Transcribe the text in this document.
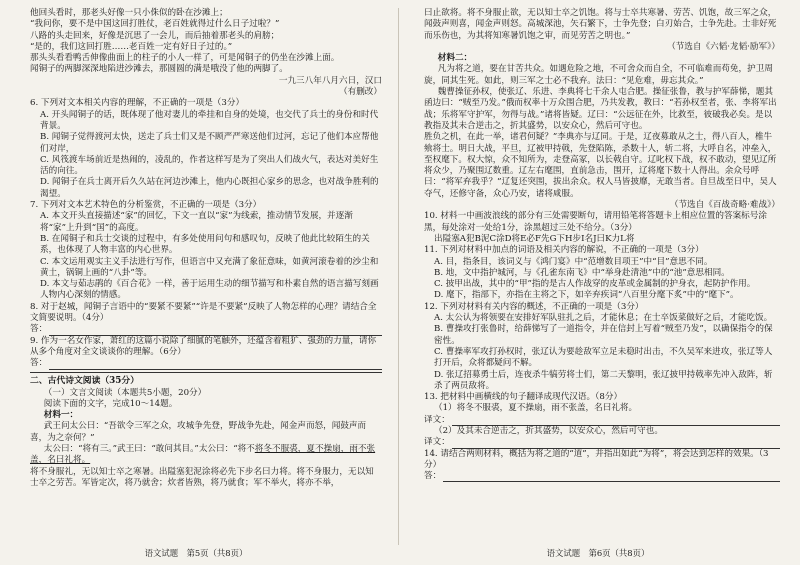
他回头看时，那老头好像一只小侏似的卧在沙滩上；

“我问你，要不是中国这回打胜仗，老百姓就得过什么日子过啦？”

八路的头走回来，好像是沉思了一会儿，而后抽着那老头的肩膀；

“是的，我们这回打胜……老百姓一定有好日子过的。”

那头头看看鸭舌伸像曲面上的柱子的小人一样了，可是闻铜子的仍坐在沙滩上面。

闻铜子的两脚深深地陷进沙滩去，那圆圆的满是哦没了他的两脚了。

一九三八年八月六日，汉口

（有删改）

6. 下列对文本相关内容的理解，不正确的一项是（3分）

A. 开头闻铜子的话，既体现了他对妻儿的牵挂和自身的处境，也交代了兵士的身份和时代背景。

B. 闻铜子觉得渡河太快，送走了兵士们又是不顾严严寒送他们过河，忘记了他们本应帮他们对岸，

C. 风筏渡车场前近是热闹的，凌乱的，作者这样写是为了突出人们战火气，表达对美好生活的向往。

D. 闻铜子在兵士离开后久久站在河边沙滩上，他内心既担心家乡的思念，也对战争胜利的渴望。

7. 下列对文本艺术特色的分析鉴赏，不正确的一项是（3分）

A. 本文开头直接描述“家”的回忆，下文一直以“家”为线索，推动情节发展，并逐渐将“家”上升到“国”的高度。

B. 在闻铜子和兵士交谈的过程中，有多处使用问句和感叹句，反映了他此比较陌生的关系，也体现了人物丰富的内心世界。

C. 本文运用观实主义手法进行写作，但语言中又充满了象征意味，如黄河滚卷着的沙尘和黄土，锅铜上画的“八卦”等。

D. 本文与茹志鹃的《百合花》一样，善于运用生动的细节描写和朴素自然的语言描写刻画人物内心深刻的情感。

8. 对于赵城，闻铜子言语中的“要紧不要紧”“许是不要紧”反映了人物怎样的心理？请结合全文简要说明。（4分）

答：

9. 作为一名女作家，萧红的这篇小说除了细腻的笔触外，还蕴含着粗犷、强劲的力量，请你从多个角度对全文谈谈你的理解。（6分）

答：

二、古代诗文阅读（35分）

（一）文言文阅读（本题共5小题，20分）

阅读下面的文字，完成10～14题。

材料一：

武王问太公曰：“吾欲令三军之众，攻城争先登，野战争先赴，闻金声而怒，闻鼓声而喜，为之奈何？”

太公曰：“将有三。”武王曰：“敢问其目。”太公曰：“将不将冬不服裘，夏不操扇，雨不张盖，名曰礼将。

将不身服礼，无以知士卒之寒暑。出隘塞犯泥涂将必先下步名曰力将。将不身服力，无以知士卒之劳苦。军皆定次，将乃就舍；炊者皆熟，将乃就食；军不举火，将亦不举，

语文试题　第5页（共8页）

曰止欲将。将不身服止欲，无以知士卒之饥饱。将与士卒共寒暑、劳苦、饥饱，故三军之众，闻鼓声则喜，闻金声则怒。高城深池，矢石繁下，士争先登；白刃始合，士争先赴。士非好死而乐伤也，为其将知寒暑饥饱之审，而见劳苦之明也。”

（节选自《六韬·龙韬·励军》）

材料二：

凡为将之道，要在甘苦共众。如遇危险之地，不可舍众而自全，不可临难而苟免，护卫周旋，同其生死。如此，则三军之士必不我弃。法曰：“见危难，毋忘其众。”

魏曹操征孙权，使张辽、乐进、李典将七千余人屯合肥。操征张鲁，教与护军薛悌，题其函边曰：“贼至乃发。”俄而权率十万众围合肥，乃共发教，教曰：“若孙权至者，张、李将军出战；乐将军守护军，勿得与战。”诸将皆疑。辽曰：“公远征在外，比救至，彼破我必矣。是以教指及其未合逆击之，折其盛势，以安众心，然后可守也。

胜负之机，在此一举，诸君何疑？”李典亦与辽同。于是，辽夜募敢从之士，得八百人，椎牛飨将士。明日大战，平旦，辽被甲持戟，先登陷陈，杀数十人，斩二将，大呼自名，冲垒入，至权麾下。权大惊，众不知所为，走登高冢，以长戟自守。辽叱权下战，权不敢动，望见辽所将众少，乃聚围辽数重。辽左右麾围，直前急击，围开，辽将麾下数十人得出。余众号呼曰：“将军弃我乎？”辽复还突围，拔出余众。权人马皆披靡，无敢当者。自旦战至日中，吴人夺气，还修守备，众心乃安，诸将咸服。

（节选自《百战奇略·难战》）

10. 材料一中画波浪线的部分有三处需要断句，请用铅笔将答题卡上相应位置的答案标号涂黑，每处涂对一处给1分，涂黑超过三处不给分。（3分）

出隘塞A犯B泥C涂D将E必F先G下H步I名J曰K力L将

11. 下列对材料中加点的词语及相关内容的解说，不正确的一项是（3分）

A. 目，指条目，该词义与《鸿门宴》中“范增数目项王”中“目”意思不同。

B. 地，文中指护城河，与《孔雀东南飞》中“举身赴清池”中的“池”意思相同。

C. 披甲出战，其中的“甲”指的是古人作战穿的皮革或金属制的护身衣，起防护作用。

D. 麾下，指部下，亦指在主将之下，如辛弃疾词“八百里分麾下炙”中的“麾下”。

12. 下列对材料有关内容的概述，不正确的一项是（3分）

A. 太公认为将领要在安排好军队驻扎之后，才能休息；在士卒饭菜做好之后，才能吃饭。

B. 曹操攻打张鲁时，给薛悌写了一道指令，并在信封上写着“贼至乃发”，以确保指令的保密性。

C. 曹操率军攻打孙权时，张辽认为要趁敌军立足未稳时出击，不久吴军来进攻，张辽等人打开后，众将都疑问不解。

D. 张辽招募勇士后，连夜杀牛犒劳将士们，第二天黎明，张辽披甲持戟率先冲入敌阵，斩杀了两员敌将。

13. 把材料中画横线的句子翻译成现代汉语。（8分）

（1）将冬不服裘，夏不操扇，雨不张盖，名曰礼将。

译文：

（2）及其未合逆击之，折其盛势，以安众心，然后可守也。

译文：

14. 请结合两则材料，概括为将之道的“道”，并指出如此“为将”，将会达到怎样的效果。（3分）

答：
语文试题　第6页（共8页）
